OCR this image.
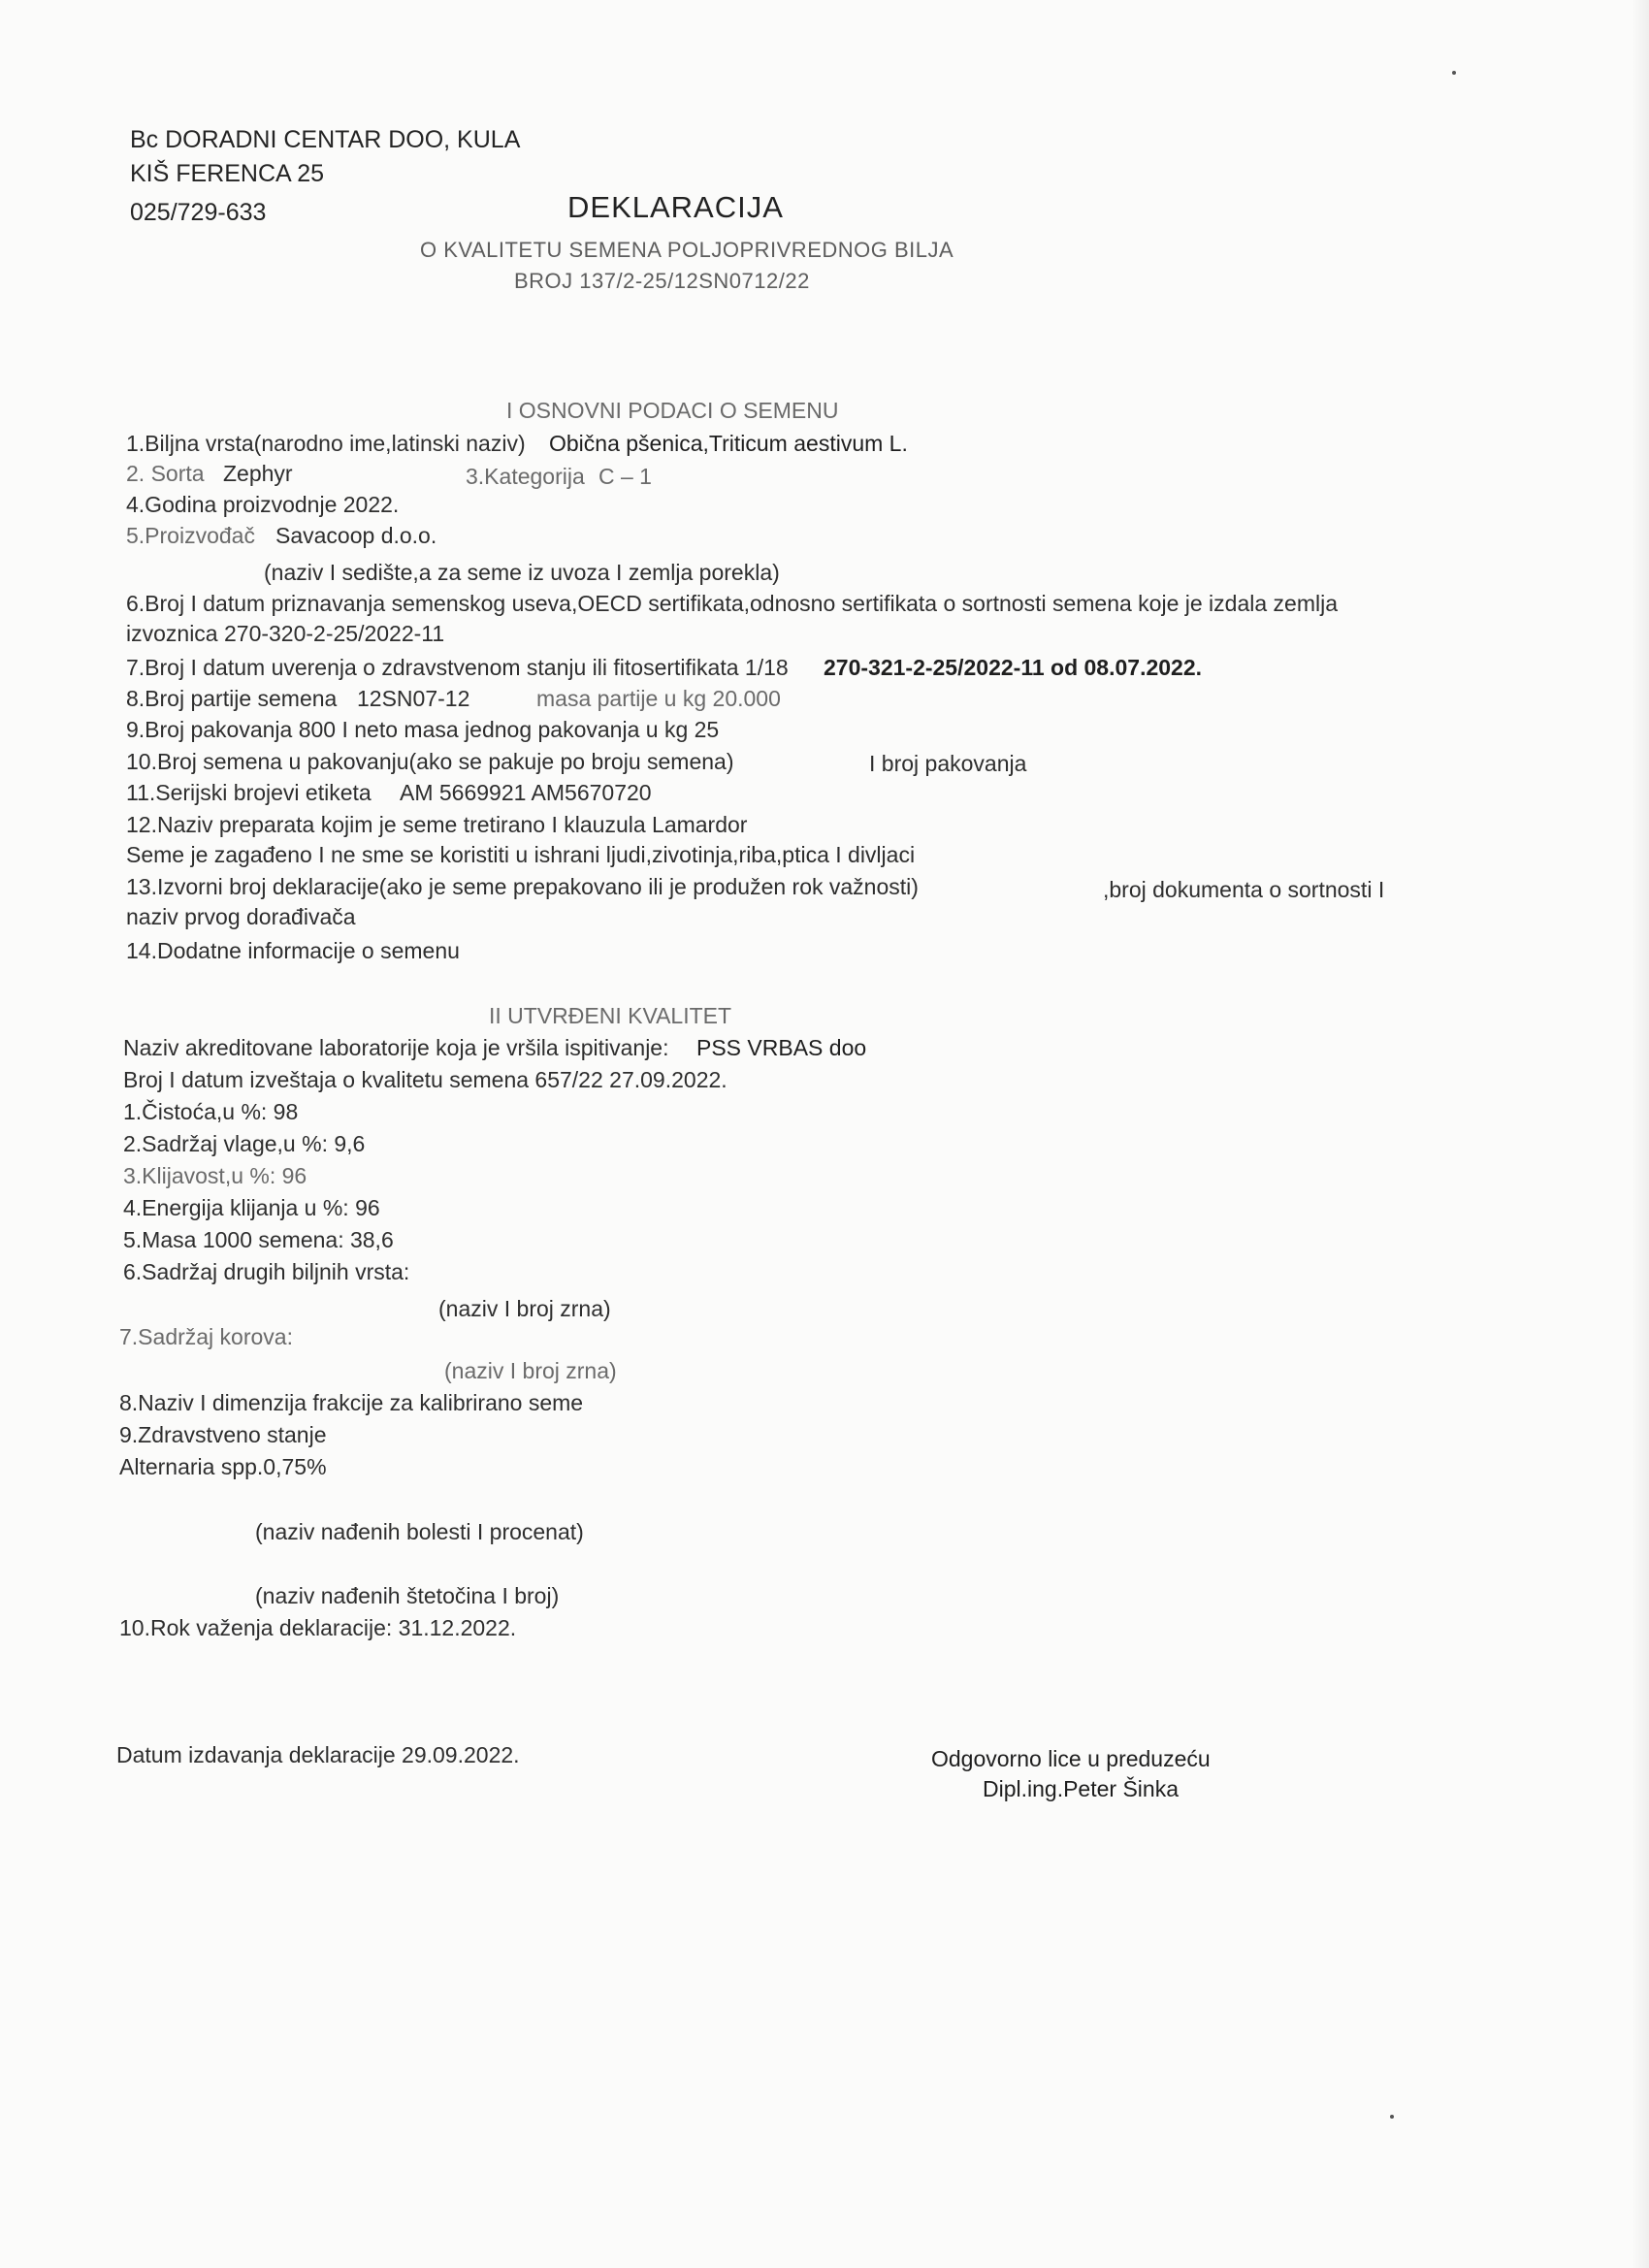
Bc DORADNI CENTAR DOO, KULA
KIŠ FERENCA 25
025/729-633	DEKLARACIJA
O KVALITETU SEMENA POLJOPRIVREDNOG BILJA
BROJ 137/2-25/12SN0712/22
I OSNOVNI PODACI O SEMENU
1.Biljna vrsta(narodno ime,latinski naziv) Obična pšenica,Triticum aestivum L.
2. Sorta Zephyr	3.Kategorija C – 1
4.Godina proizvodnje 2022.
5.Proizvođač Savacoop d.o.o.
(naziv I sedište,a za seme iz uvoza I zemlja porekla)
6.Broj I datum priznavanja semenskog useva,OECD sertifikata,odnosno sertifikata o sortnosti semena koje je izdala zemlja
izvoznica 270-320-2-25/2022-11
7.Broj I datum uverenja o zdravstvenom stanju ili fitosertifikata 1/18 270-321-2-25/2022-11 od 08.07.2022.
8.Broj partije semena 12SN07-12	masa partije u kg 20.000
9.Broj pakovanja 800 I neto masa jednog pakovanja u kg 25
10.Broj semena u pakovanju(ako se pakuje po broju semena)	I broj pakovanja
11.Serijski brojevi etiketa AM 5669921 AM5670720
12.Naziv preparata kojim je seme tretirano I klauzula Lamardor
Seme je zagađeno I ne sme se koristiti u ishrani ljudi,zivotinja,riba,ptica I divljaci
13.Izvorni broj deklaracije(ako je seme prepakovano ili je produžen rok važnosti)	,broj dokumenta o sortnosti I
naziv prvog dorađivača
14.Dodatne informacije o semenu
II UTVRĐENI KVALITET
Naziv akreditovane laboratorije koja je vršila ispitivanje: PSS VRBAS doo
Broj I datum izveštaja o kvalitetu semena 657/22 27.09.2022.
1.Čistoća,u %: 98
2.Sadržaj vlage,u %: 9,6
3.Klijavost,u %: 96
4.Energija klijanja u %: 96
5.Masa 1000 semena: 38,6
6.Sadržaj drugih biljnih vrsta:
(naziv I broj zrna)
7.Sadržaj korova:
(naziv I broj zrna)
8.Naziv I dimenzija frakcije za kalibrirano seme
9.Zdravstveno stanje
Alternaria spp.0,75%
(naziv nađenih bolesti I procenat)
(naziv nađenih štetočina I broj)
10.Rok važenja deklaracije: 31.12.2022.
Datum izdavanja deklaracije 29.09.2022.	Odgovorno lice u preduzeću
Dipl.ing.Peter Šinka
